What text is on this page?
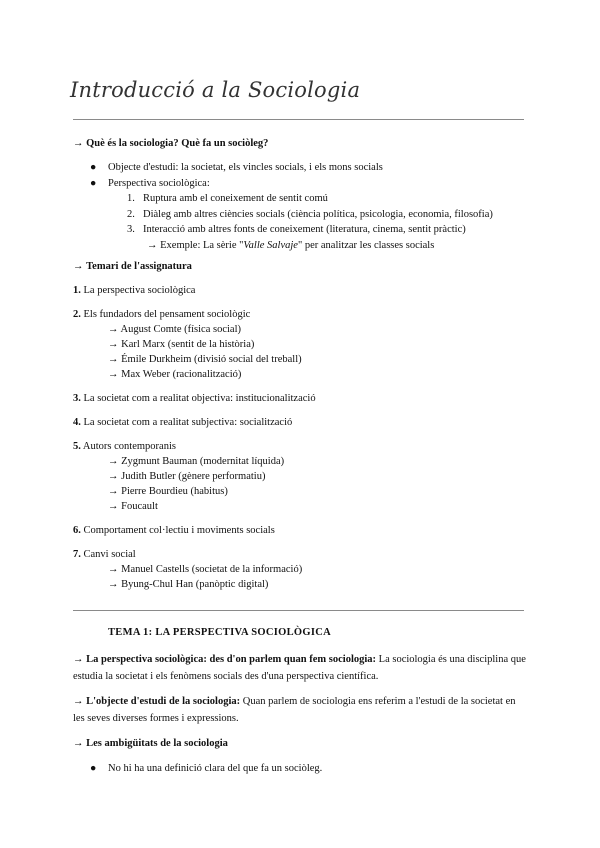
Introducció a la Sociologia
→ Què és la sociologia? Què fa un sociòleg?
● Objecte d'estudi: la societat, els vincles socials, i els mons socials
● Perspectiva sociològica:
1. Ruptura amb el coneixement de sentit comú
2. Diàleg amb altres ciències socials (ciència política, psicologia, economia, filosofia)
3. Interacció amb altres fonts de coneixement (literatura, cinema, sentit pràctic)
→ Exemple: La sèrie "Valle Salvaje" per analitzar les classes socials
→ Temari de l'assignatura
1. La perspectiva sociològica
2. Els fundadors del pensament sociològic
→ August Comte (física social)
→ Karl Marx (sentit de la història)
→ Émile Durkheim (divisió social del treball)
→ Max Weber (racionalització)
3. La societat com a realitat objectiva: institucionalització
4. La societat com a realitat subjectiva: socialització
5. Autors contemporanis
→ Zygmunt Bauman (modernitat líquida)
→ Judith Butler (gènere performatiu)
→ Pierre Bourdieu (habitus)
→ Foucault
6. Comportament col·lectiu i moviments socials
7. Canvi social
→ Manuel Castells (societat de la informació)
→ Byung-Chul Han (panòptic digital)
TEMA 1: LA PERSPECTIVA SOCIOLÒGICA
→ La perspectiva sociològica: des d'on parlem quan fem sociologia: La sociologia és una disciplina que estudia la societat i els fenòmens socials des d'una perspectiva científica.
→ L'objecte d'estudi de la sociologia: Quan parlem de sociologia ens referim a l'estudi de la societat en les seves diverses formes i expressions.
→ Les ambigüitats de la sociologia
● No hi ha una definició clara del que fa un sociòleg.
